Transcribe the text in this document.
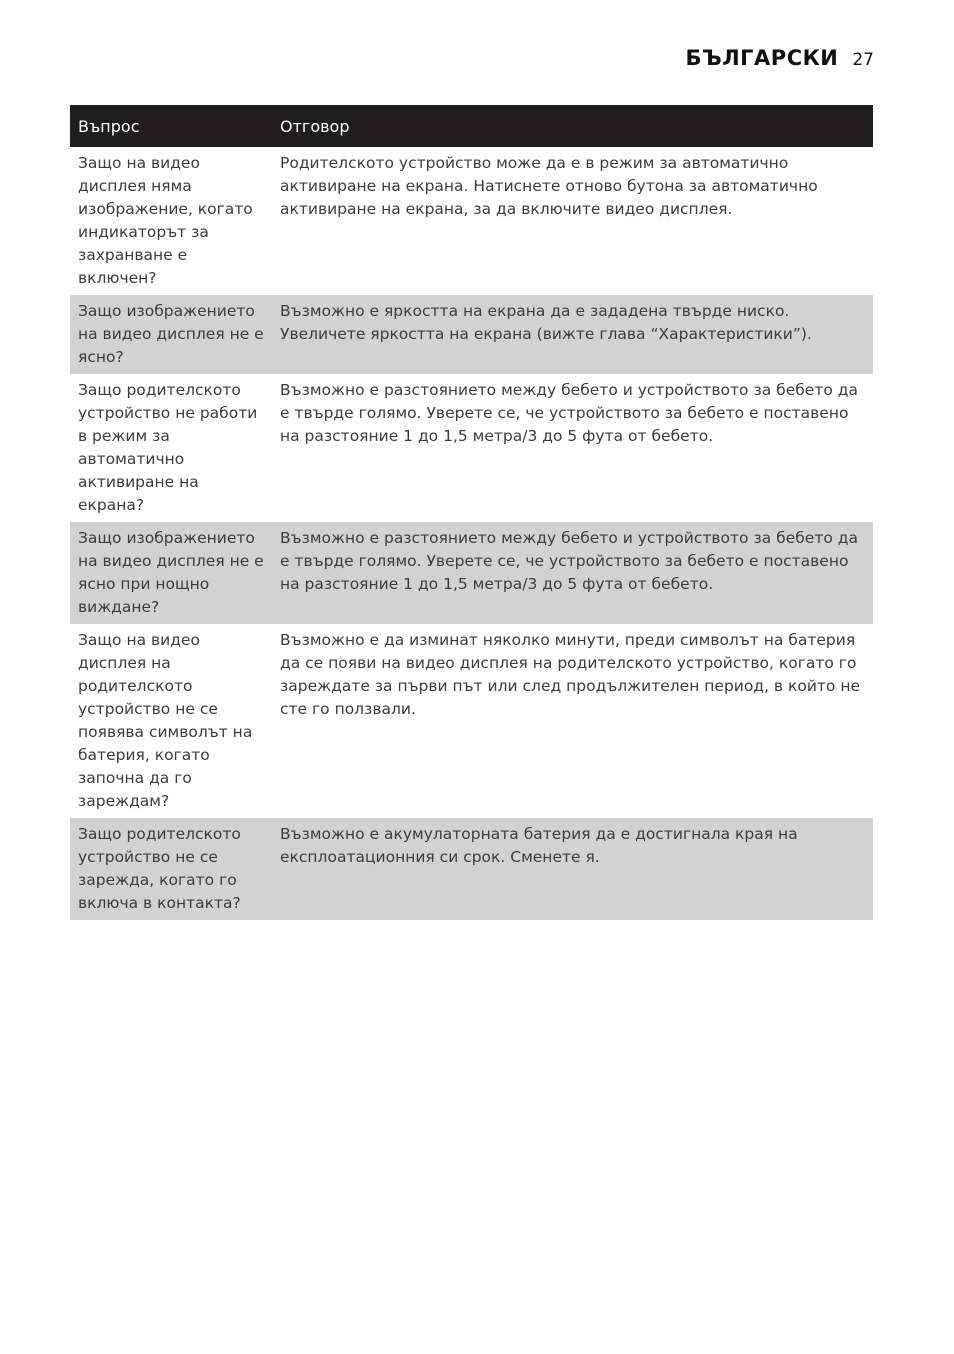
БЪЛГАРСКИ 27
Въпрос	Отговор
Защо на видео дисплея няма изображение, когато индикаторът за захранване е включен?	Родителското устройство може да е в режим за автоматично активиране на екрана. Натиснете отново бутона за автоматично активиране на екрана, за да включите видео дисплея.
Защо изображението на видео дисплея не е ясно?	Възможно е яркостта на екрана да е зададена твърде ниско. Увеличете яркостта на екрана (вижте глава “Характеристики”).
Защо родителското устройство не работи в режим за автоматично активиране на екрана?	Възможно е разстоянието между бебето и устройството за бебето да е твърде голямо. Уверете се, че устройството за бебето е поставено на разстояние 1 до 1,5 метра/3 до 5 фута от бебето.
Защо изображението на видео дисплея не е ясно при нощно виждане?	Възможно е разстоянието между бебето и устройството за бебето да е твърде голямо. Уверете се, че устройството за бебето е поставено на разстояние 1 до 1,5 метра/3 до 5 фута от бебето.
Защо на видео дисплея на родителското устройство не се появява символът на батерия, когато започна да го зареждам?	Възможно е да изминат няколко минути, преди символът на батерия да се появи на видео дисплея на родителското устройство, когато го зареждате за първи път или след продължителен период, в който не сте го ползвали.
Защо родителското устройство не се зарежда, когато го включа в контакта?	Възможно е акумулаторната батерия да е достигнала края на експлоатационния си срок. Сменете я.
